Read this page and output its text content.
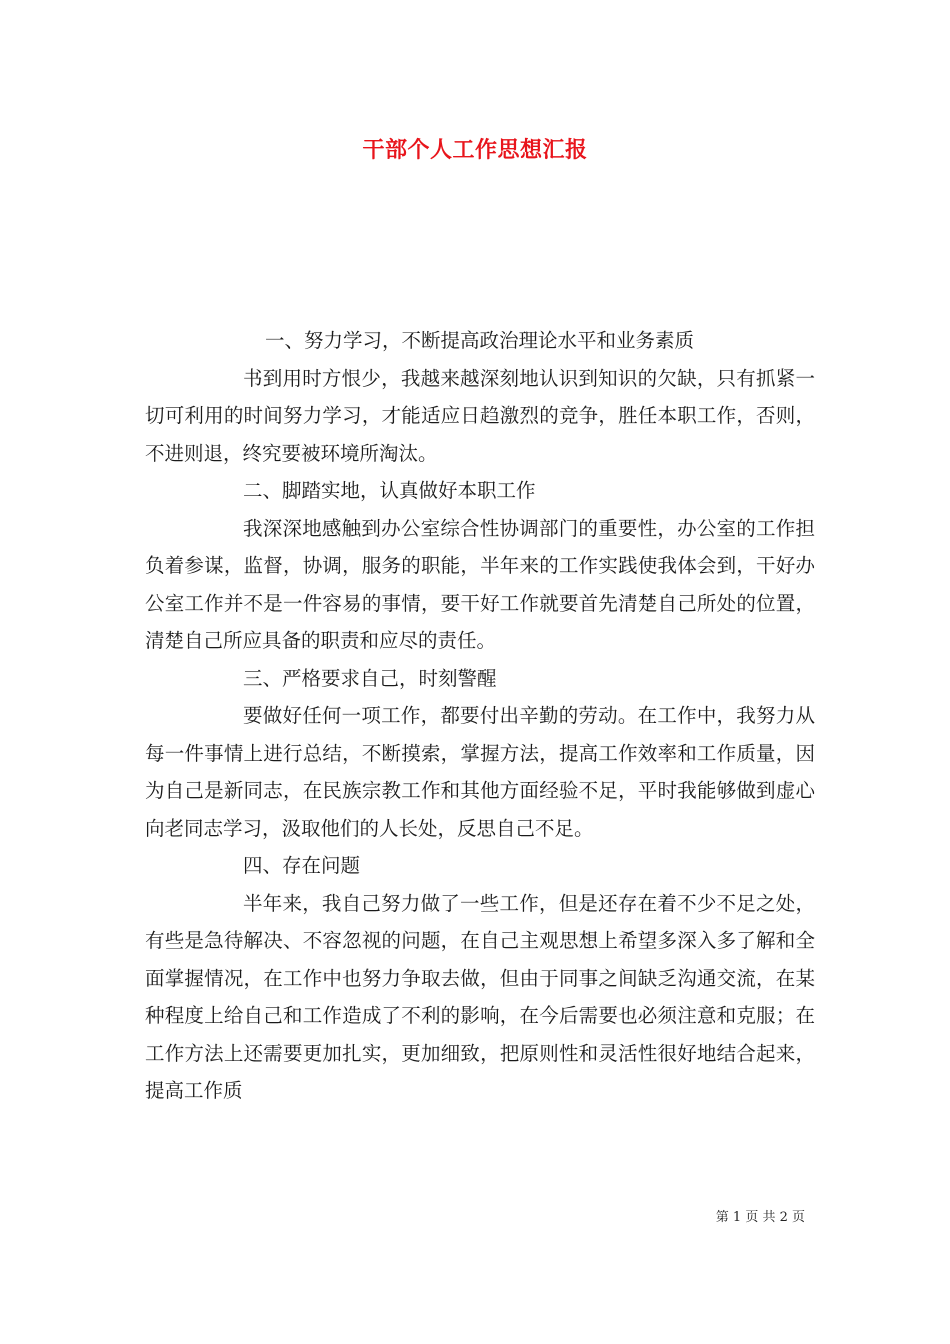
干部个人工作思想汇报

一、努力学习，不断提高政治理论水平和业务素质

书到用时方恨少，我越来越深刻地认识到知识的欠缺，只有抓紧一切可利用的时间努力学习，才能适应日趋激烈的竞争，胜任本职工作，否则，不进则退，终究要被环境所淘汰。

二、脚踏实地，认真做好本职工作

我深深地感触到办公室综合性协调部门的重要性，办公室的工作担负着参谋，监督，协调，服务的职能，半年来的工作实践使我体会到，干好办公室工作并不是一件容易的事情，要干好工作就要首先清楚自己所处的位置，清楚自己所应具备的职责和应尽的责任。

三、严格要求自己，时刻警醒

要做好任何一项工作，都要付出辛勤的劳动。在工作中，我努力从每一件事情上进行总结，不断摸索，掌握方法，提高工作效率和工作质量，因为自己是新同志，在民族宗教工作和其他方面经验不足，平时我能够做到虚心向老同志学习，汲取他们的人长处，反思自己不足。

四、存在问题

半年来，我自己努力做了一些工作，但是还存在着不少不足之处，有些是急待解决、不容忽视的问题，在自己主观思想上希望多深入多了解和全面掌握情况，在工作中也努力争取去做，但由于同事之间缺乏沟通交流，在某种程度上给自己和工作造成了不利的影响，在今后需要也必须注意和克服；在工作方法上还需要更加扎实，更加细致，把原则性和灵活性很好地结合起来，提高工作质

第 1 页 共 2 页
